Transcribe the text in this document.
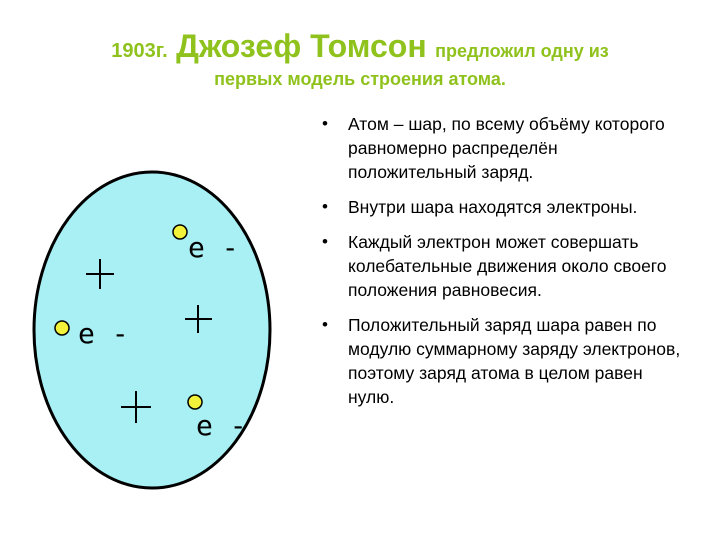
1903г. Джозеф Томсон предложил одну из
первых модель строения атома.
е -
е -
е -
• Атом – шар, по всему объёму которого равномерно распределён положительный заряд.
• Внутри шара находятся электроны.
• Каждый электрон может совершать колебательные движения около своего положения равновесия.
• Положительный заряд шара равен по модулю суммарному заряду электронов, поэтому заряд атома в целом равен нулю.
